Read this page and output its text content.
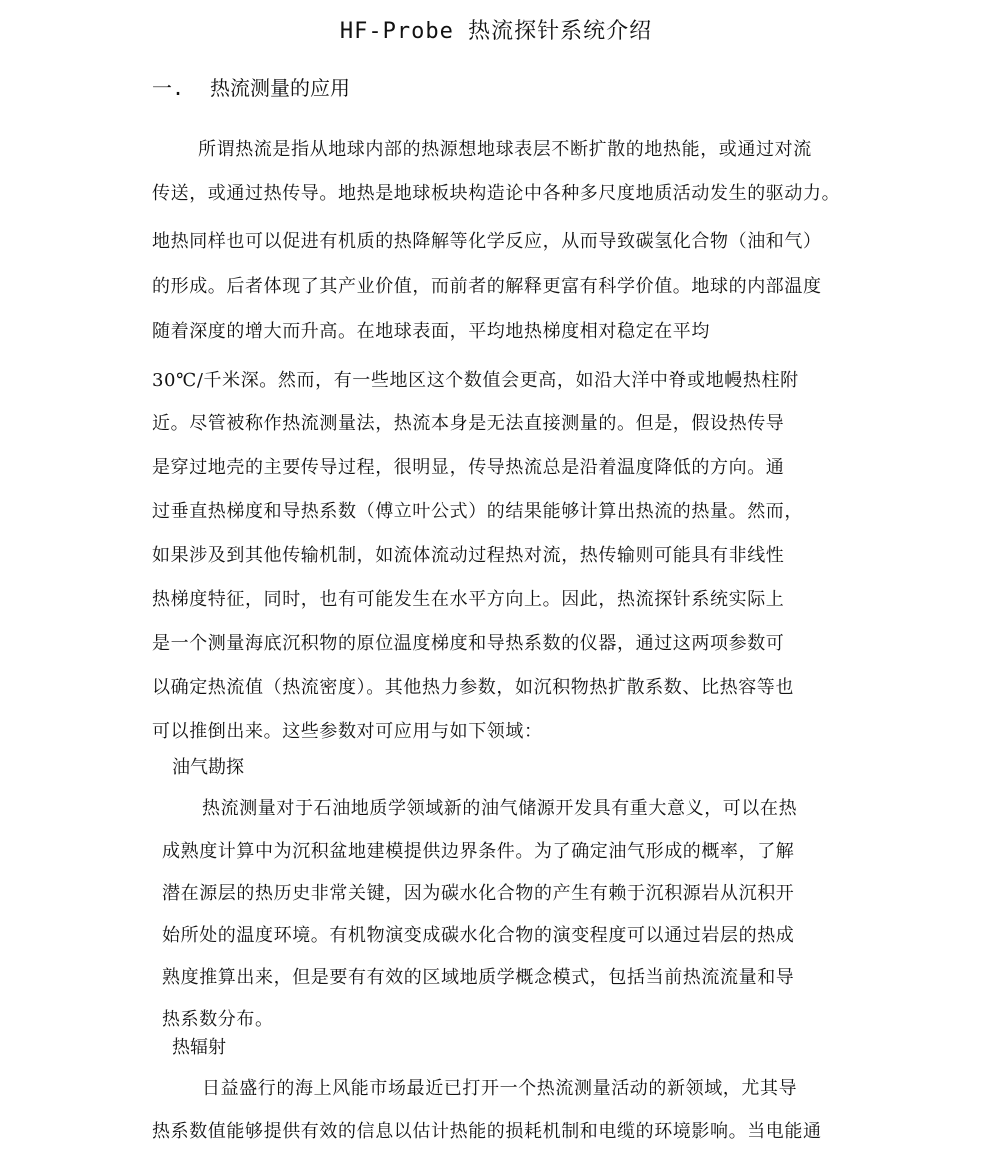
HF-Probe 热流探针系统介绍
一. 热流测量的应用
所谓热流是指从地球内部的热源想地球表层不断扩散的地热能，或通过对流
传送，或通过热传导。地热是地球板块构造论中各种多尺度地质活动发生的驱动力。
地热同样也可以促进有机质的热降解等化学反应，从而导致碳氢化合物（油和气）
的形成。后者体现了其产业价值，而前者的解释更富有科学价值。地球的内部温度
随着深度的增大而升高。在地球表面，平均地热梯度相对稳定在平均
30℃/千米深。然而，有一些地区这个数值会更高，如沿大洋中脊或地幔热柱附
近。尽管被称作热流测量法，热流本身是无法直接测量的。但是，假设热传导
是穿过地壳的主要传导过程，很明显，传导热流总是沿着温度降低的方向。通
过垂直热梯度和导热系数（傅立叶公式）的结果能够计算出热流的热量。然而，
如果涉及到其他传输机制，如流体流动过程热对流，热传输则可能具有非线性
热梯度特征，同时，也有可能发生在水平方向上。因此，热流探针系统实际上
是一个测量海底沉积物的原位温度梯度和导热系数的仪器，通过这两项参数可
以确定热流值（热流密度）。其他热力参数，如沉积物热扩散系数、比热容等也
可以推倒出来。这些参数对可应用与如下领域：
油气勘探
热流测量对于石油地质学领域新的油气储源开发具有重大意义，可以在热
成熟度计算中为沉积盆地建模提供边界条件。为了确定油气形成的概率，了解
潜在源层的热历史非常关键，因为碳水化合物的产生有赖于沉积源岩从沉积开
始所处的温度环境。有机物演变成碳水化合物的演变程度可以通过岩层的热成
熟度推算出来，但是要有有效的区域地质学概念模式，包括当前热流流量和导
热系数分布。
热辐射
日益盛行的海上风能市场最近已打开一个热流测量活动的新领域，尤其导
热系数值能够提供有效的信息以估计热能的损耗机制和电缆的环境影响。当电能通
